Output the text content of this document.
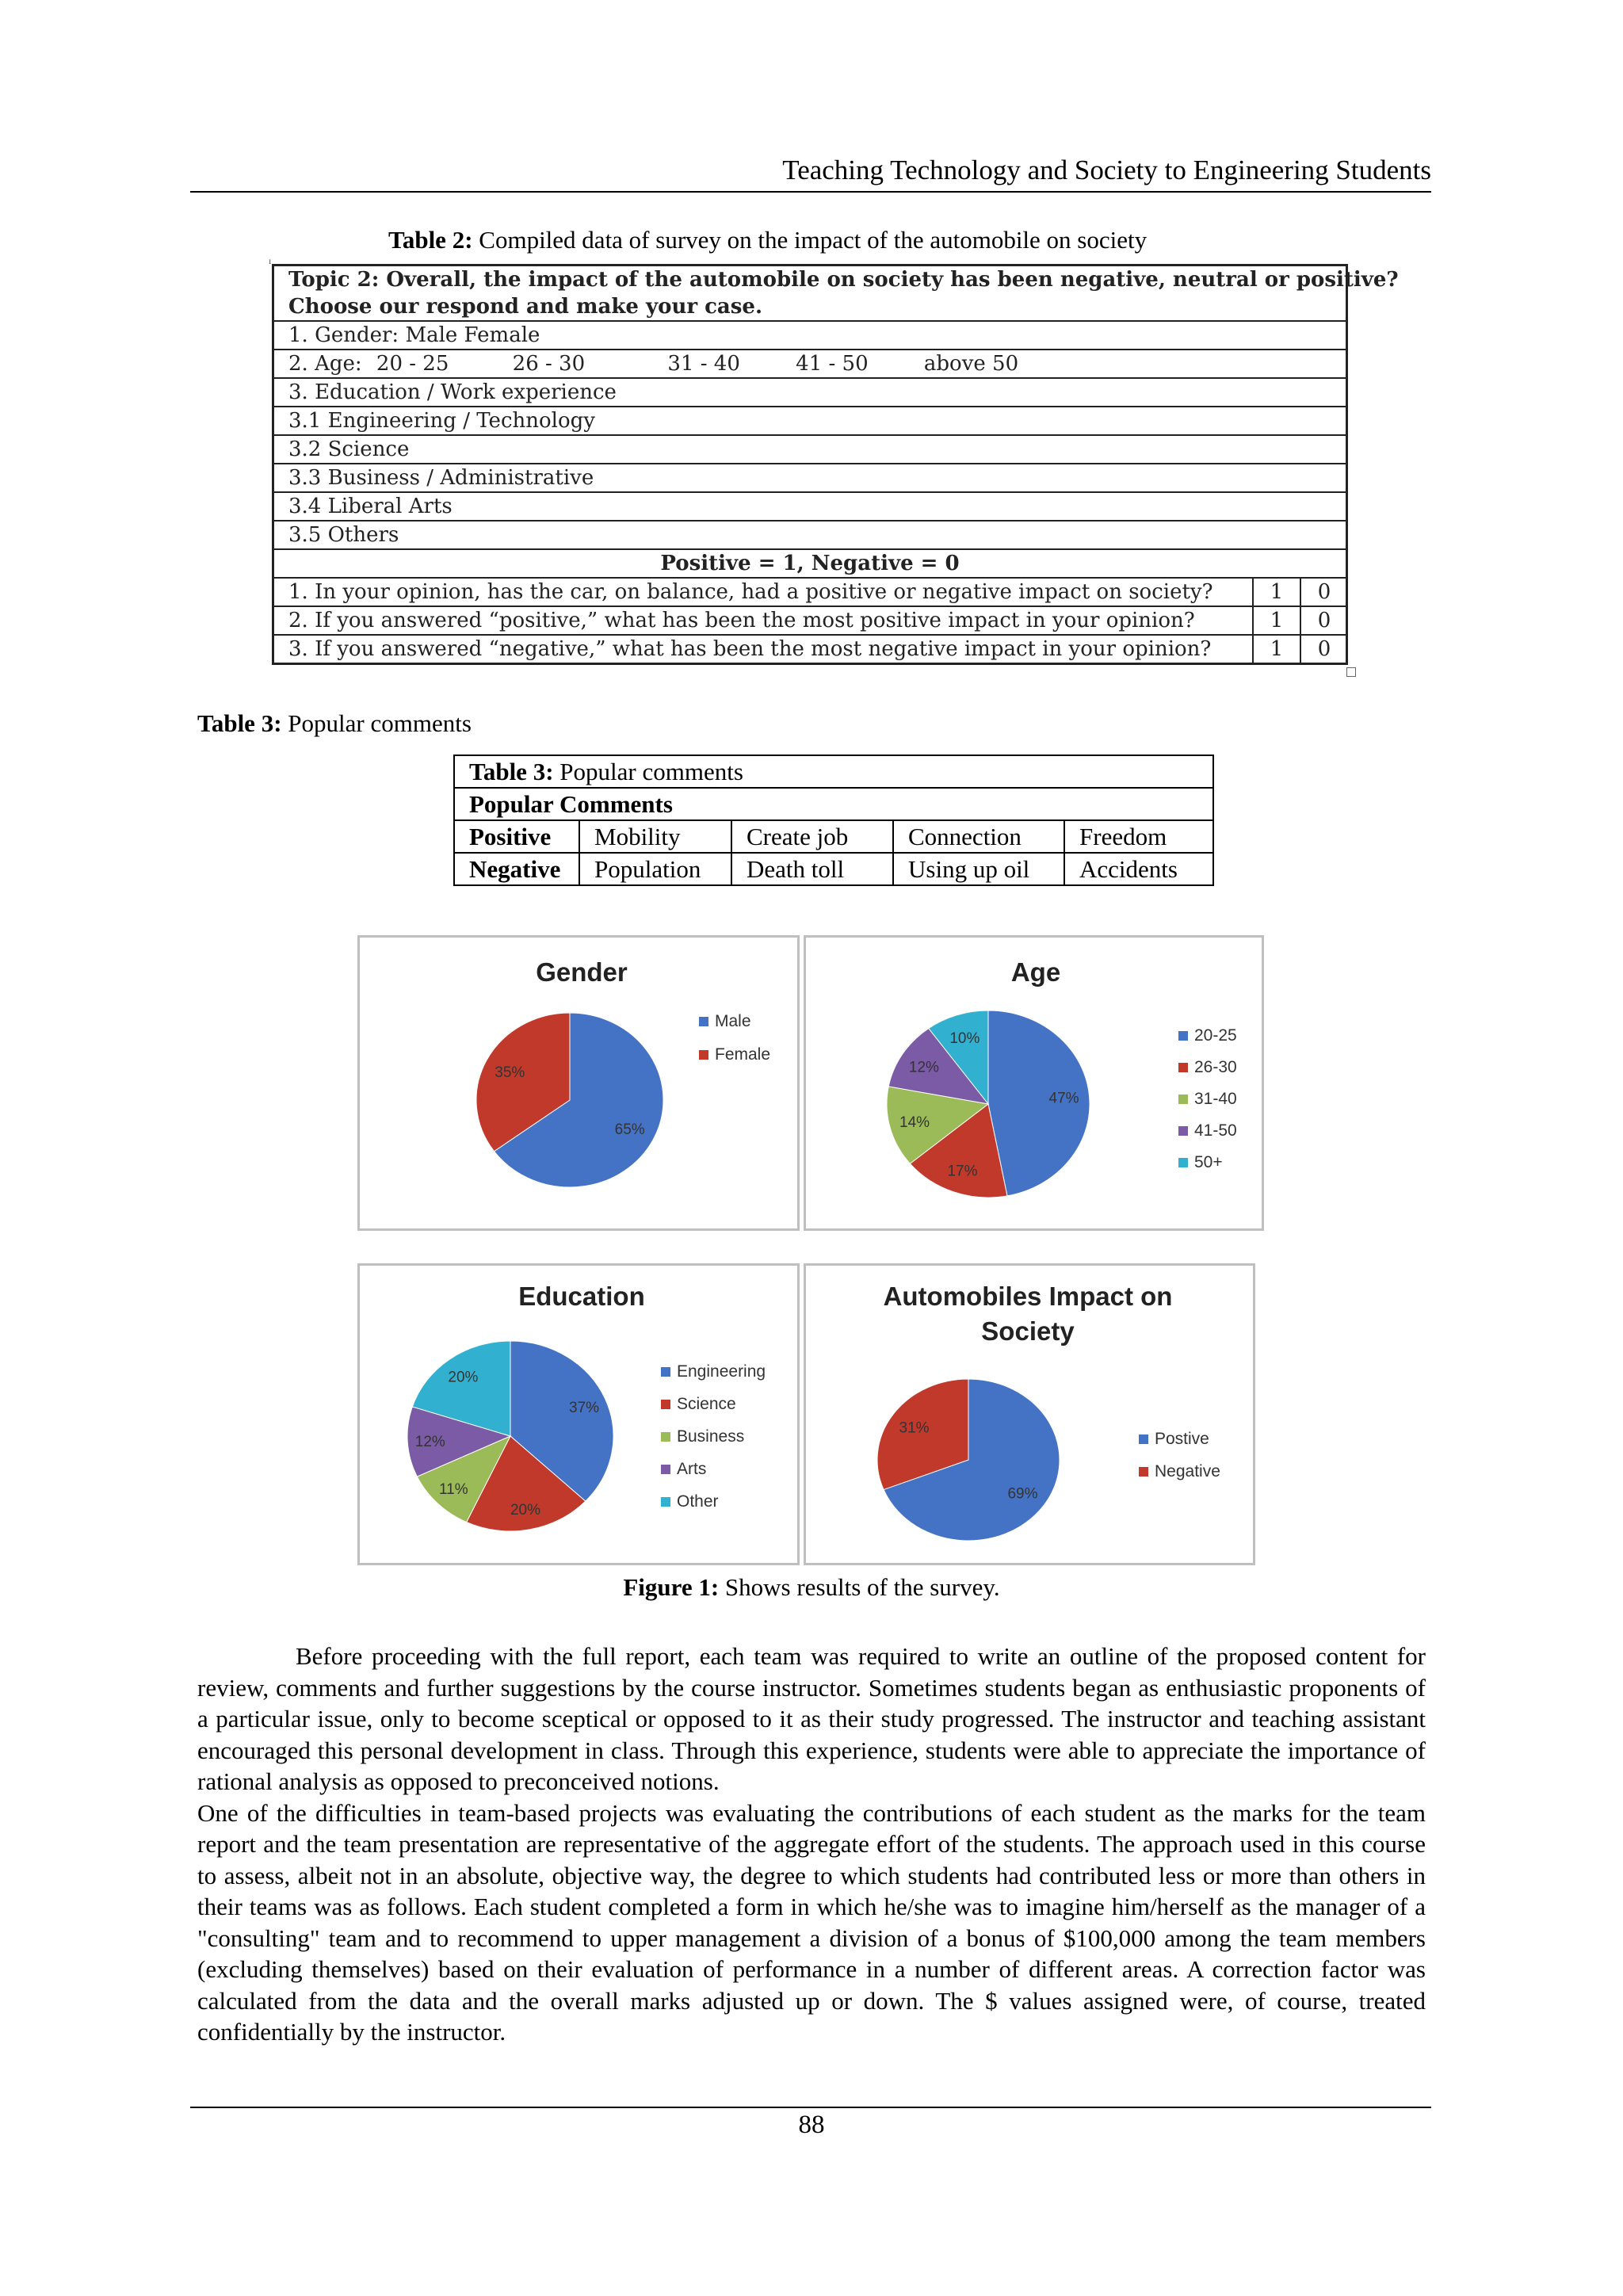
Teaching Technology and Society to Engineering Students
Table 2: Compiled data of survey on the impact of the automobile on society
ı
Topic 2: Overall, the impact of the automobile on society has been negative, neutral or positive?
Choose our respond and make your case.
1. Gender: Male Female
2. Age: 20 - 25	26 - 30	31 - 40	41 - 50	above 50
3. Education / Work experience
3.1 Engineering / Technology
3.2 Science
3.3 Business / Administrative
3.4 Liberal Arts
3.5 Others
Positive = 1, Negative = 0
1. In your opinion, has the car, on balance, had a positive or negative impact on society?	1	0
2. If you answered “positive,” what has been the most positive impact in your opinion?	1	0
3. If you answered “negative,” what has been the most negative impact in your opinion?	1	0
Table 3: Popular comments
Table 3: Popular comments				
Popular Comments				
Positive	Mobility	Create job	Connection	Freedom
Negative	Population	Death toll	Using up oil	Accidents
Gender
65%
35%
Male
Female
Age
47%
17%
14%
12%
10%	20-25
26-30
31-40
41-50
50+
Education
37%
20%
11%
12%
20%	Engineering
Science
Business
Arts
Other
Automobiles Impact on
Society
69%
31%
Postive
Negative
Figure 1: Shows results of the survey.

Before proceeding with the full report, each team was required to write an outline of the proposed content for review, comments and further suggestions by the course instructor. Sometimes students began as enthusiastic proponents of a particular issue, only to become sceptical or opposed to it as their study progressed. The instructor and teaching assistant encouraged this personal development in class. Through this experience, students were able to appreciate the importance of rational analysis as opposed to preconceived notions.

One of the difficulties in team-based projects was evaluating the contributions of each student as the marks for the team report and the team presentation are representative of the aggregate effort of the students. The approach used in this course to assess, albeit not in an absolute, objective way, the degree to which students had contributed less or more than others in their teams was as follows. Each student completed a form in which he/she was to imagine him/herself as the manager of a "consulting" team and to recommend to upper management a division of a bonus of $100,000 among the team members (excluding themselves) based on their evaluation of performance in a number of different areas. A correction factor was calculated from the data and the overall marks adjusted up or down. The $ values assigned were, of course, treated confidentially by the instructor.

88
